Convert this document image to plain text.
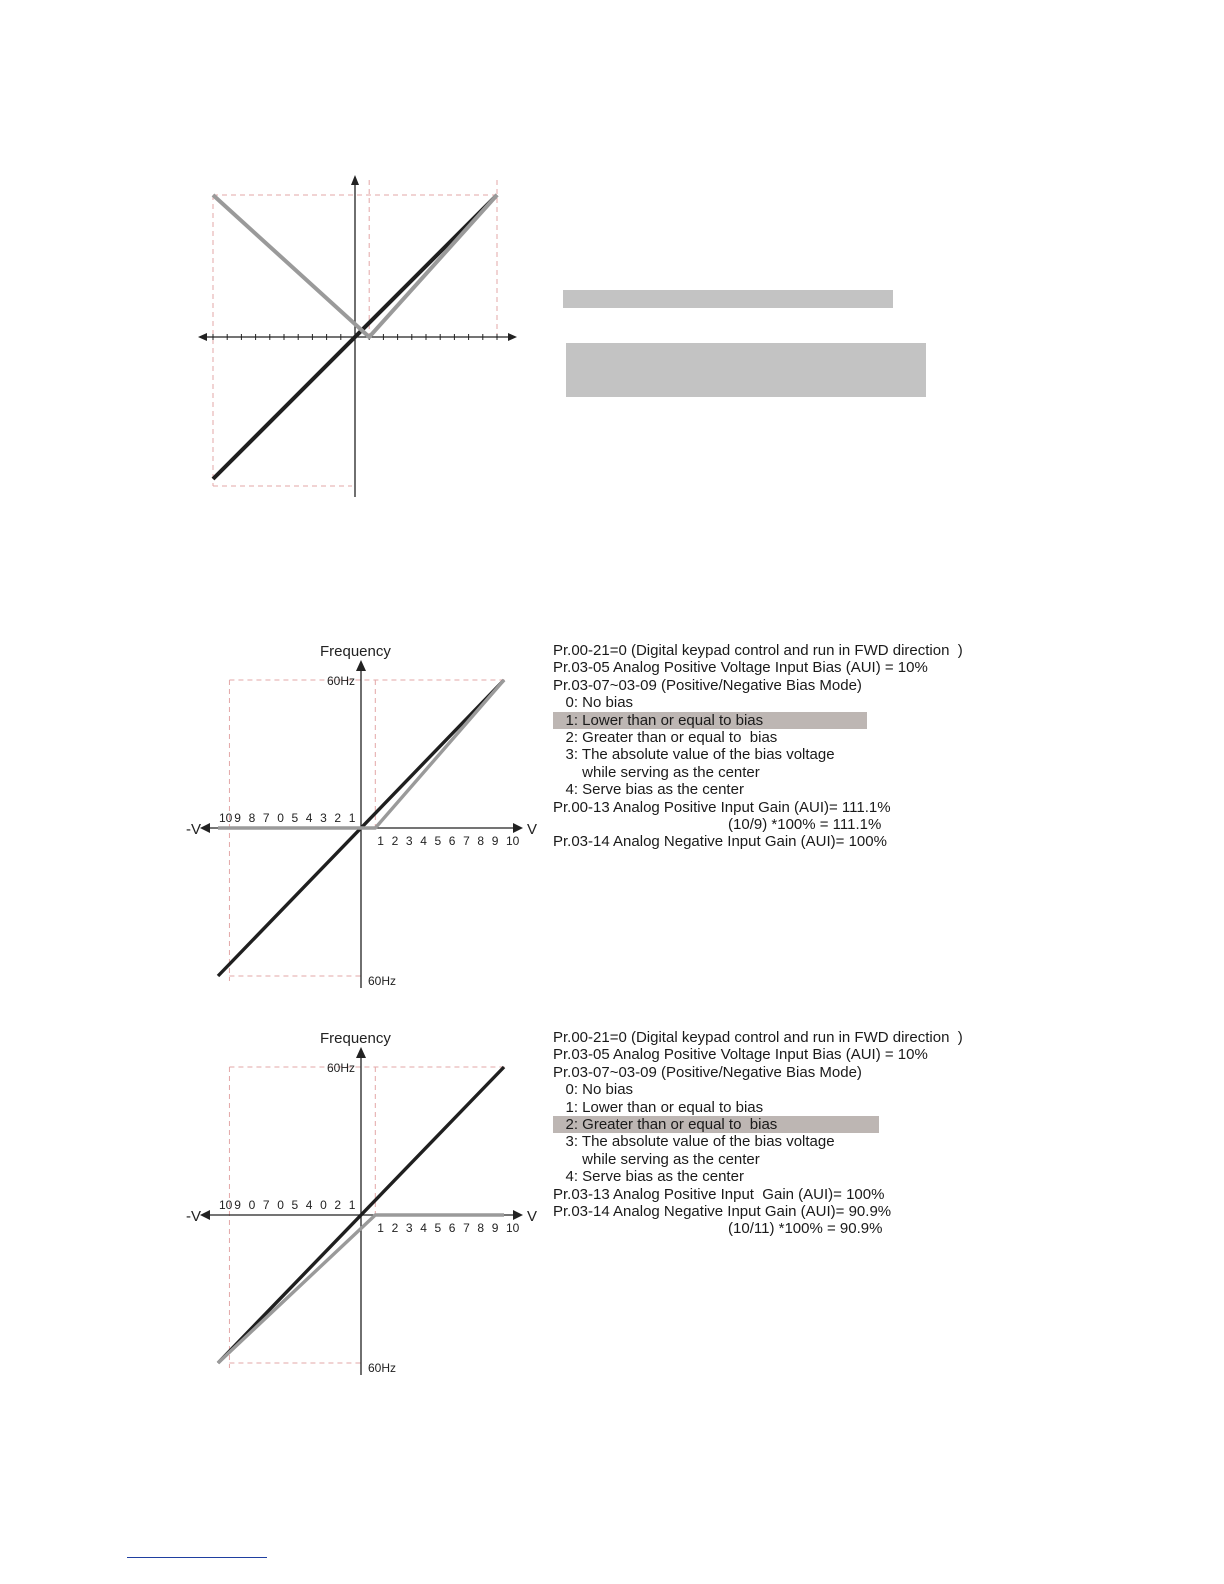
Frequency
60Hz
60Hz
-V	V
10 9 8 7 0 5 4 3 2 1
1 2 3 4 5 6 7 8 9 10
Pr.00-21=0 (Digital keypad control and run in FWD direction  )
Pr.03-05 Analog Positive Voltage Input Bias (AUI) = 10%
Pr.03-07~03-09 (Positive/Negative Bias Mode)
0: No bias
1: Lower than or equal to bias
2: Greater than or equal to  bias
3: The absolute value of the bias voltage
while serving as the center
4: Serve bias as the center
Pr.00-13 Analog Positive Input Gain (AUI)= 111.1%
(10/9) *100% = 111.1%
Pr.03-14 Analog Negative Input Gain (AUI)= 100%
Frequency
60Hz
60Hz
-V	V
10 9 0 7 0 5 4 0 2 1
1 2 3 4 5 6 7 8 9 10
Pr.00-21=0 (Digital keypad control and run in FWD direction  )
Pr.03-05 Analog Positive Voltage Input Bias (AUI) = 10%
Pr.03-07~03-09 (Positive/Negative Bias Mode)
0: No bias
1: Lower than or equal to bias
2: Greater than or equal to  bias
3: The absolute value of the bias voltage
while serving as the center
4: Serve bias as the center
Pr.03-13 Analog Positive Input  Gain (AUI)= 100%
Pr.03-14 Analog Negative Input Gain (AUI)= 90.9%
(10/11) *100% = 90.9%
